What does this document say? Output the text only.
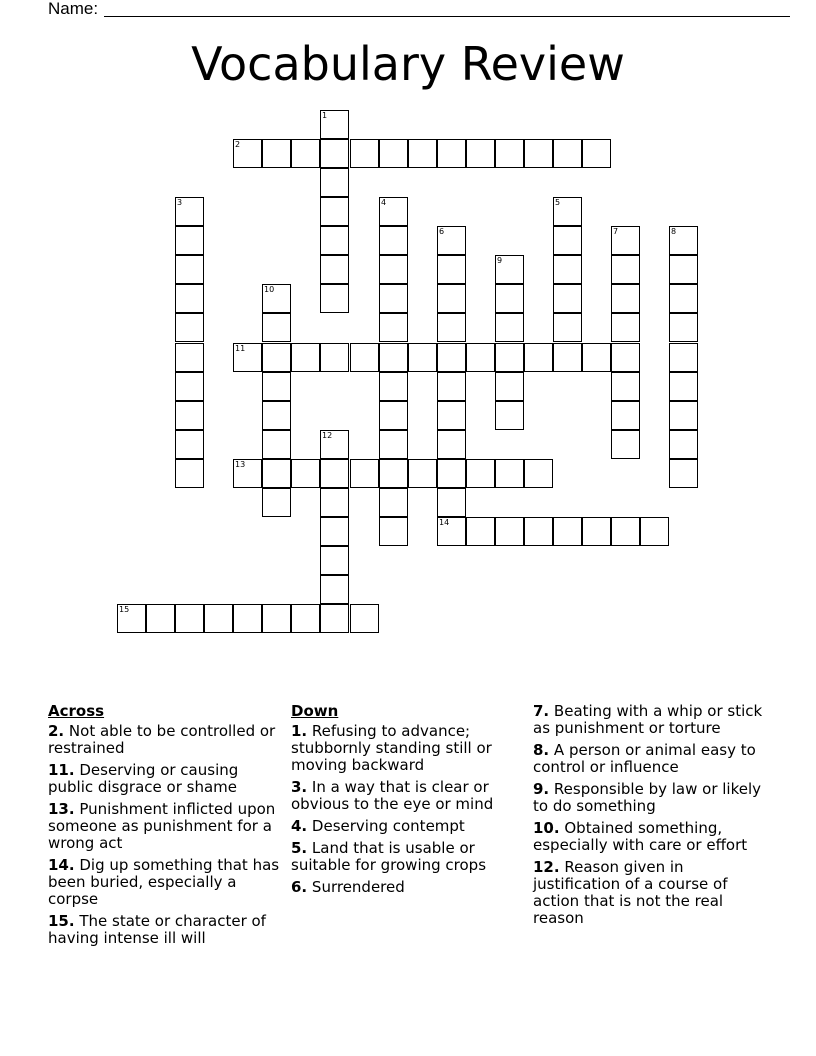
Name:
Vocabulary Review
1
2
3	4	5
6	7	8
9
10
11
12
13
14
15
Across
2. Not able to be controlled or restrained
11. Deserving or causing public disgrace or shame
13. Punishment inflicted upon someone as punishment for a wrong act
14. Dig up something that has been buried, especially a corpse
15. The state or character of having intense ill will
Down
1. Refusing to advance; stubbornly standing still or moving backward
3. In a way that is clear or obvious to the eye or mind
4. Deserving contempt
5. Land that is usable or suitable for growing crops
6. Surrendered
7. Beating with a whip or stick as punishment or torture
8. A person or animal easy to control or influence
9. Responsible by law or likely to do something
10. Obtained something, especially with care or effort
12. Reason given in justification of a course of action that is not the real reason
